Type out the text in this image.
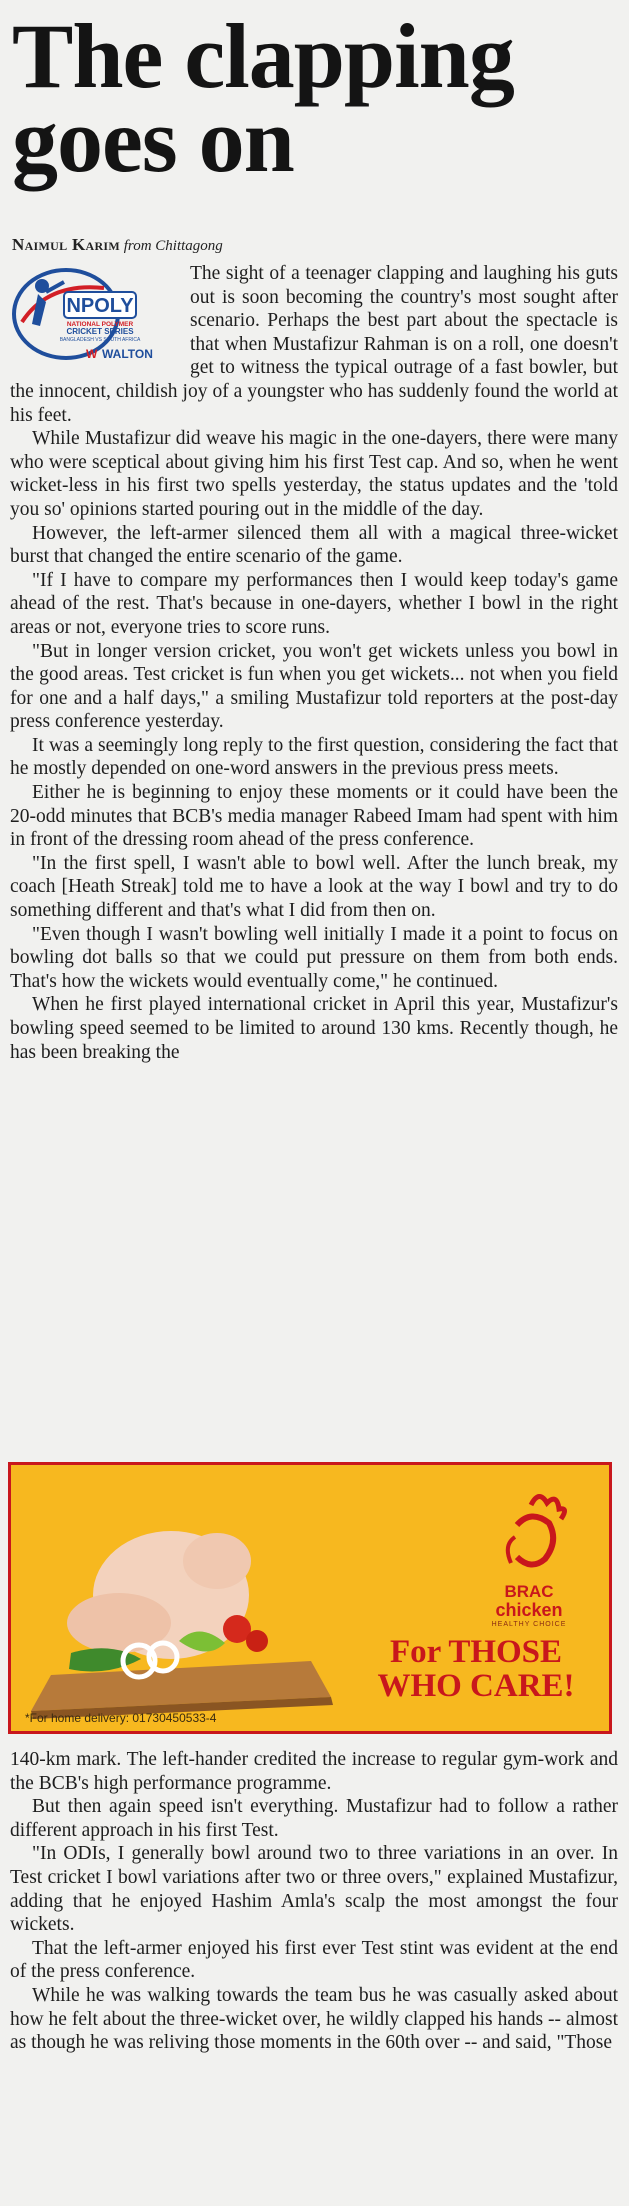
The clapping goes on
Naimul Karim from Chittagong
NPOLY
NATIONAL POLYMER
CRICKET SERIES
BANGLADESH VS SOUTH AFRICA
W WALTON

The sight of a teenager clapping and laughing his guts out is soon becoming the country's most sought after scenario. Perhaps the best part about the spectacle is that when Mustafizur Rahman is on a roll, one doesn't get to witness the typical outrage of a fast bowler, but the innocent, childish joy of a youngster who has suddenly found the world at his feet.

While Mustafizur did weave his magic in the one-dayers, there were many who were sceptical about giving him his first Test cap. And so, when he went wicket-less in his first two spells yesterday, the status updates and the 'told you so' opinions started pouring out in the middle of the day.

However, the left-armer silenced them all with a magical three-wicket burst that changed the entire scenario of the game.

"If I have to compare my performances then I would keep today's game ahead of the rest. That's because in one-dayers, whether I bowl in the right areas or not, everyone tries to score runs.

"But in longer version cricket, you won't get wickets unless you bowl in the good areas. Test cricket is fun when you get wickets... not when you field for one and a half days," a smiling Mustafizur told reporters at the post-day press conference yesterday.

It was a seemingly long reply to the first question, considering the fact that he mostly depended on one-word answers in the previous press meets.

Either he is beginning to enjoy these moments or it could have been the 20-odd minutes that BCB's media manager Rabeed Imam had spent with him in front of the dressing room ahead of the press conference.

"In the first spell, I wasn't able to bowl well. After the lunch break, my coach [Heath Streak] told me to have a look at the way I bowl and try to do something different and that's what I did from then on.

"Even though I wasn't bowling well initially I made it a point to focus on bowling dot balls so that we could put pressure on them from both ends. That's how the wickets would eventually come," he continued.

When he first played international cricket in April this year, Mustafizur's bowling speed seemed to be limited to around 130 kms. Recently though, he has been breaking the

BRAC
chicken
HEALTHY CHOICE
For THOSE
WHO CARE!
*For home delivery: 01730450533-4

140-km mark. The left-hander credited the increase to regular gym-work and the BCB's high performance programme.

But then again speed isn't everything. Mustafizur had to follow a rather different approach in his first Test.

"In ODIs, I generally bowl around two to three variations in an over. In Test cricket I bowl variations after two or three overs," explained Mustafizur, adding that he enjoyed Hashim Amla's scalp the most amongst the four wickets.

That the left-armer enjoyed his first ever Test stint was evident at the end of the press conference.

While he was walking towards the team bus he was casually asked about how he felt about the three-wicket over, he wildly clapped his hands -- almost as though he was reliving those moments in the 60th over -- and said, "Those
